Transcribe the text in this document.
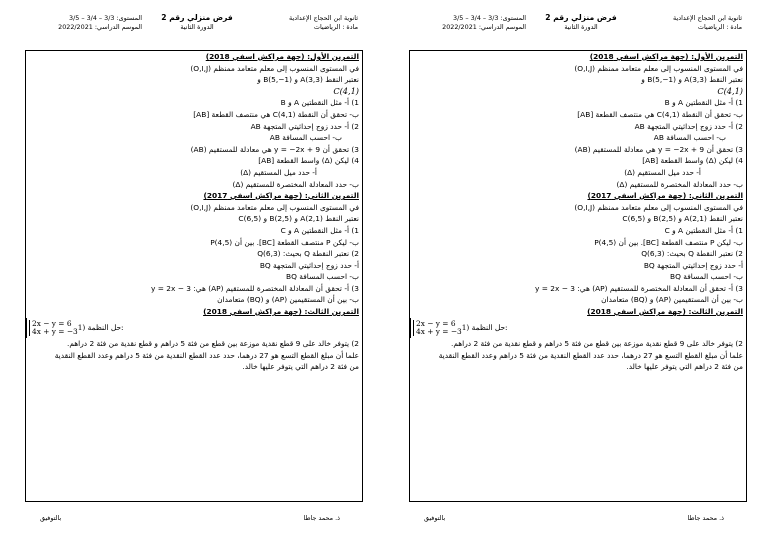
ثانوية ابن الحجاج الإعدادية
مادة : الرياضيات
فرض منزلي رقم 2
الدورة الثانية
المستوى: 3/3 – 3/4 – 3/5
الموسم الدراسي: 2022/2021
التمرين الأول: (جهة مراكش اسفي 2018)
في المستوى المنسوب إلى معلم متعامد ممنظم (O,I,J)
نعتبر النقط A(3,3) و B(5,−1) و
C(4,1)
1) أ- مثل النقطتين A و B
ب- تحقق أن النقطة C(4,1) هي منتصف القطعة [AB]
2) أ- حدد زوج إحداثيتي المتجهة AB
ب- احسب المسافة AB
3) تحقق أن y = −2x + 9 هي معادلة للمستقيم (AB)
4) ليكن (Δ) واسط القطعة [AB]
أ- حدد ميل المستقيم (Δ)
ب- حدد المعادلة المختصرة للمستقيم (Δ)
التمرين الثاني: (جهة مراكش اسفي 2017)
في المستوى المنسوب إلى معلم متعامد ممنظم (O,I,J)
نعتبر النقط A(2,1) و B(2,5) و C(6,5)
1) أ- مثل النقطتين A و C
ب- ليكن P منتصف القطعة [BC]. بين أن P(4,5)
2) نعتبر النقطة Q بحيث: Q(6,3)
أ- حدد زوج إحداثيتي المتجهة BQ
ب- احسب المسافة BQ
3) أ- تحقق أن المعادلة المختصرة للمستقيم (AP) هي: y = 2x − 3
ب- بين أن المستقيمين (AP) و (BQ) متعامدان
التمرين الثالث: (جهة مراكش اسفي 2018)
2x − y = 6
4x + y = −3 1) حل النظمة:
2) يتوفر خالد على 9 قطع نقدية موزعة بين قطع من فئة 5 دراهم و قطع نقدية من فئة 2 دراهم.
علما أن مبلغ القطع التسع هو 27 درهما، حدد عدد القطع النقدية من فئة 5 دراهم وعدد القطع النقدية
من فئة 2 دراهم التي يتوفر عليها خالد.
ذ. محمد جاطا
بالتوفيق
ثانوية ابن الحجاج الإعدادية
مادة : الرياضيات
فرض منزلي رقم 2
الدورة الثانية
المستوى: 3/3 – 3/4 – 3/5
الموسم الدراسي: 2022/2021
التمرين الأول: (جهة مراكش اسفي 2018)
في المستوى المنسوب إلى معلم متعامد ممنظم (O,I,J)
نعتبر النقط A(3,3) و B(5,−1) و
C(4,1)
1) أ- مثل النقطتين A و B
ب- تحقق أن النقطة C(4,1) هي منتصف القطعة [AB]
2) أ- حدد زوج إحداثيتي المتجهة AB
ب- احسب المسافة AB
3) تحقق أن y = −2x + 9 هي معادلة للمستقيم (AB)
4) ليكن (Δ) واسط القطعة [AB]
أ- حدد ميل المستقيم (Δ)
ب- حدد المعادلة المختصرة للمستقيم (Δ)
التمرين الثاني: (جهة مراكش اسفي 2017)
في المستوى المنسوب إلى معلم متعامد ممنظم (O,I,J)
نعتبر النقط A(2,1) و B(2,5) و C(6,5)
1) أ- مثل النقطتين A و C
ب- ليكن P منتصف القطعة [BC]. بين أن P(4,5)
2) نعتبر النقطة Q بحيث: Q(6,3)
أ- حدد زوج إحداثيتي المتجهة BQ
ب- احسب المسافة BQ
3) أ- تحقق أن المعادلة المختصرة للمستقيم (AP) هي: y = 2x − 3
ب- بين أن المستقيمين (AP) و (BQ) متعامدان
التمرين الثالث: (جهة مراكش اسفي 2018)
2x − y = 6
4x + y = −3 1) حل النظمة:
2) يتوفر خالد على 9 قطع نقدية موزعة بين قطع من فئة 5 دراهم و قطع نقدية من فئة 2 دراهم.
علما أن مبلغ القطع التسع هو 27 درهما، حدد عدد القطع النقدية من فئة 5 دراهم وعدد القطع النقدية
من فئة 2 دراهم التي يتوفر عليها خالد.
ذ. محمد جاطا
بالتوفيق
